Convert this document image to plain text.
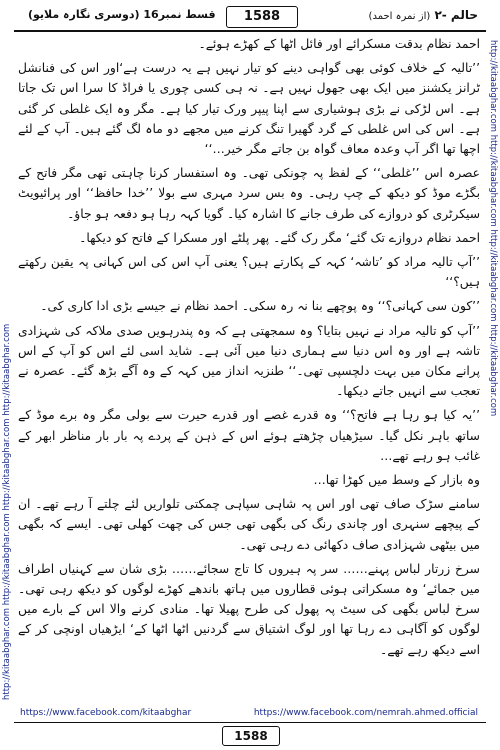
قسط نمبر16 (دوسری نگارہ ملایو)	1588	حالم -۲ (از نمرہ احمد)
http://kitaabghar.com http://kitaabghar.com http://kitaabghar.com http://kitaabghar.com
http://kitaabghar.com http://kitaabghar.com http://kitaabghar.com http://kitaabghar.com

احمد نظام بدقت مسکرائے اور فائل اٹھا کے کھڑے ہوئے۔

’’تالیہ کے خلاف کوئی بھی گواہی دینے کو تیار نہیں ہے یہ درست ہے‘اور اس کی فنانشل ٹرانز یکشنز میں ایک بھی جھول نہیں ہے۔ نہ ہی کسی چوری یا فراڈ کا سرا اس تک جاتا ہے۔ اس لڑکی نے بڑی ہوشیاری سے اپنا پیپر ورک تیار کیا ہے۔ مگر وہ ایک غلطی کر گئی ہے۔ اس کی اس غلطی کے گرد گھیرا تنگ کرنے میں مجھے دو ماہ لگ گئے ہیں۔ آپ کے لئے اچھا تھا اگر آپ وعدہ معاف گواہ بن جاتے مگر خیر…‘‘

عصرہ اس ’’غلطی‘‘ کے لفظ پہ چونکی تھی۔ وہ استفسار کرنا چاہتی تھی مگر فاتح کے بگڑے موڈ کو دیکھ کے چپ رہی۔ وہ بس سرد مہری سے بولا ’’خدا حافظ‘‘ اور پرائیویٹ سیکرٹری کو دروازے کی طرف جانے کا اشارہ کیا۔ گویا کہہ رہا ہو دفعہ ہو جاؤ۔

احمد نظام دروازے تک گئے‘ مگر رک گئے۔ پھر پلٹے اور مسکرا کے فاتح کو دیکھا۔

’’آپ تالیہ مراد کو ’تاشہ‘ کہہ کے پکارتے ہیں؟ یعنی آپ اس کی اس کہانی پہ یقین رکھتے ہیں؟‘‘

’’کون سی کہانی؟‘‘ وہ پوچھے بنا نہ رہ سکی۔ احمد نظام نے جیسے بڑی ادا کاری کی۔

’’آپ کو تالیہ مراد نے نہیں بتایا؟ وہ سمجھتی ہے کہ وہ پندرہویں صدی ملاکہ کی شہزادی تاشہ ہے اور وہ اس دنیا سے ہماری دنیا میں آئی ہے۔ شاید اسی لئے اس کو آپ کے اس پرانے مکان میں بہت دلچسپی تھی۔‘‘ طنزیہ انداز میں کہہ کے وہ آگے بڑھ گئے۔ عصرہ نے تعجب سے انہیں جاتے دیکھا۔

’’یہ کیا ہو رہا ہے فاتح؟‘‘ وہ قدرے غصے اور قدرے حیرت سے بولی مگر وہ برے موڈ کے ساتھ باہر نکل گیا۔ سیڑھیاں چڑھتے ہوئے اس کے ذہن کے پردے پہ بار بار مناظر ابھر کے غائب ہو رہے تھے…

وہ بازار کے وسط میں کھڑا تھا…

سامنے سڑک صاف تھی اور اس پہ شاہی سپاہی چمکتی تلواریں لئے چلتے آ رہے تھے۔ ان کے پیچھے سنہری اور چاندی رنگ کی بگھی تھی جس کی چھت کھلی تھی۔ ایسے کہ بگھی میں بیٹھی شہزادی صاف دکھائی دے رہی تھی۔

سرخ زرتار لباس پہنے…… سر پہ ہیروں کا تاج سجائے…… بڑی شان سے کہنیاں اطراف میں جمائے‘ وہ مسکراتی ہوئی قطاروں میں ہاتھ باندھے کھڑے لوگوں کو دیکھ رہی تھی۔ سرخ لباس بگھی کی سیٹ پہ پھول کی طرح پھیلا تھا۔ منادی کرنے والا اس کے بارے میں لوگوں کو آگاہی دے رہا تھا اور لوگ اشتیاق سے گردنیں اٹھا اٹھا کے‘ ایڑھیاں اونچی کر کے اسے دیکھ رہے تھے۔

https://www.facebook.com/kitaabghar	https://www.facebook.com/nemrah.ahmed.official
1588
